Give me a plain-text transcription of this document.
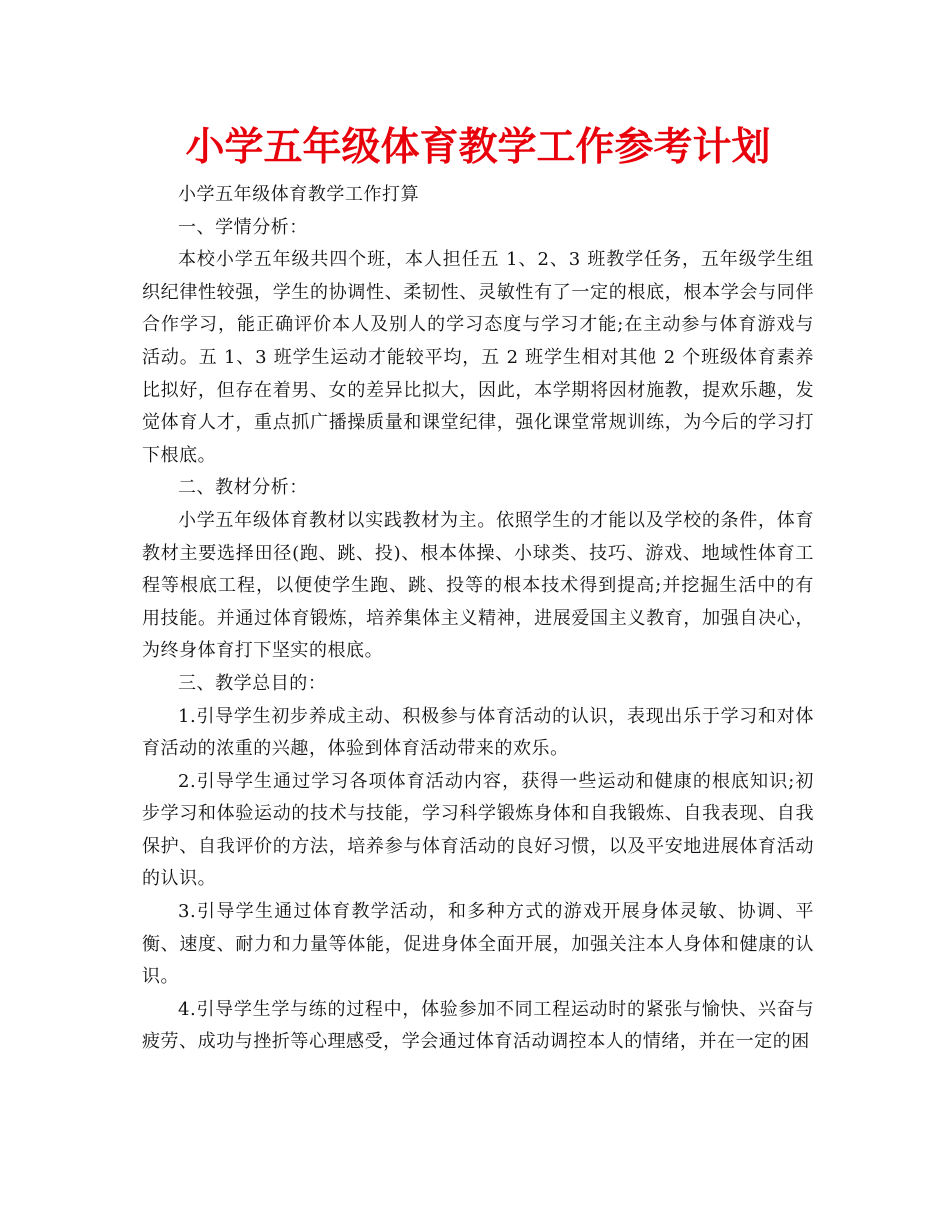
小学五年级体育教学工作参考计划

小学五年级体育教学工作打算

一、学情分析：

本校小学五年级共四个班，本人担任五 1、2、3 班教学任务，五年级学生组织纪律性较强，学生的协调性、柔韧性、灵敏性有了一定的根底，根本学会与同伴合作学习，能正确评价本人及别人的学习态度与学习才能;在主动参与体育游戏与活动。五 1、3 班学生运动才能较平均，五 2 班学生相对其他 2 个班级体育素养比拟好，但存在着男、女的差异比拟大，因此，本学期将因材施教，提欢乐趣，发觉体育人才，重点抓广播操质量和课堂纪律，强化课堂常规训练，为今后的学习打下根底。

二、教材分析：

小学五年级体育教材以实践教材为主。依照学生的才能以及学校的条件，体育教材主要选择田径(跑、跳、投)、根本体操、小球类、技巧、游戏、地域性体育工程等根底工程，以便使学生跑、跳、投等的根本技术得到提高;并挖掘生活中的有用技能。并通过体育锻炼，培养集体主义精神，进展爱国主义教育，加强自决心，为终身体育打下坚实的根底。

三、教学总目的：

1.引导学生初步养成主动、积极参与体育活动的认识，表现出乐于学习和对体育活动的浓重的兴趣，体验到体育活动带来的欢乐。

2.引导学生通过学习各项体育活动内容，获得一些运动和健康的根底知识;初步学习和体验运动的技术与技能，学习科学锻炼身体和自我锻炼、自我表现、自我保护、自我评价的方法，培养参与体育活动的良好习惯，以及平安地进展体育活动的认识。

3.引导学生通过体育教学活动，和多种方式的游戏开展身体灵敏、协调、平衡、速度、耐力和力量等体能，促进身体全面开展，加强关注本人身体和健康的认识。

4.引导学生学与练的过程中，体验参加不同工程运动时的紧张与愉快、兴奋与疲劳、成功与挫折等心理感受，学会通过体育活动调控本人的情绪，并在一定的困
